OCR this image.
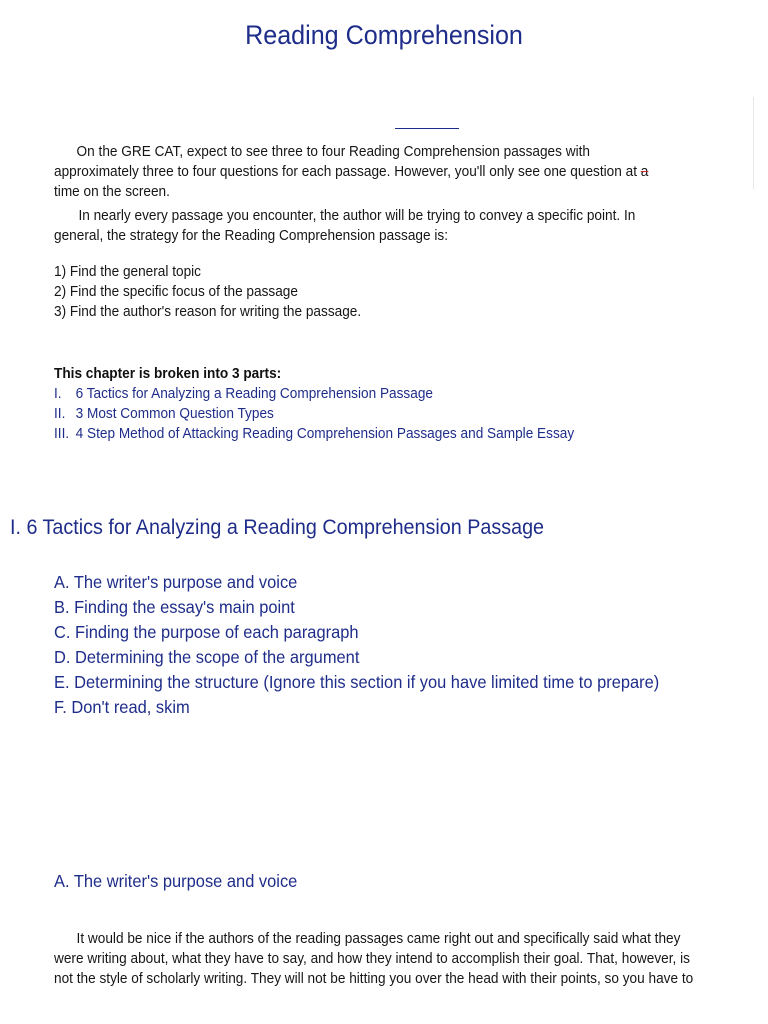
Reading Comprehension
On the GRE CAT, expect to see three to four Reading Comprehension passages with approximately three to four questions for each passage. However, you'll only see one question at a time on the screen.
In nearly every passage you encounter, the author will be trying to convey a specific point. In general, the strategy for the Reading Comprehension passage is:
1) Find the general topic
2) Find the specific focus of the passage
3) Find the author's reason for writing the passage.
This chapter is broken into 3 parts:
I. 6 Tactics for Analyzing a Reading Comprehension Passage
II. 3 Most Common Question Types
III. 4 Step Method of Attacking Reading Comprehension Passages and Sample Essay
I. 6 Tactics for Analyzing a Reading Comprehension Passage
A. The writer's purpose and voice
B. Finding the essay's main point
C. Finding the purpose of each paragraph
D. Determining the scope of the argument
E. Determining the structure (Ignore this section if you have limited time to prepare)
F. Don't read, skim
A. The writer's purpose and voice
It would be nice if the authors of the reading passages came right out and specifically said what they were writing about, what they have to say, and how they intend to accomplish their goal. That, however, is not the style of scholarly writing. They will not be hitting you over the head with their points, so you have to
